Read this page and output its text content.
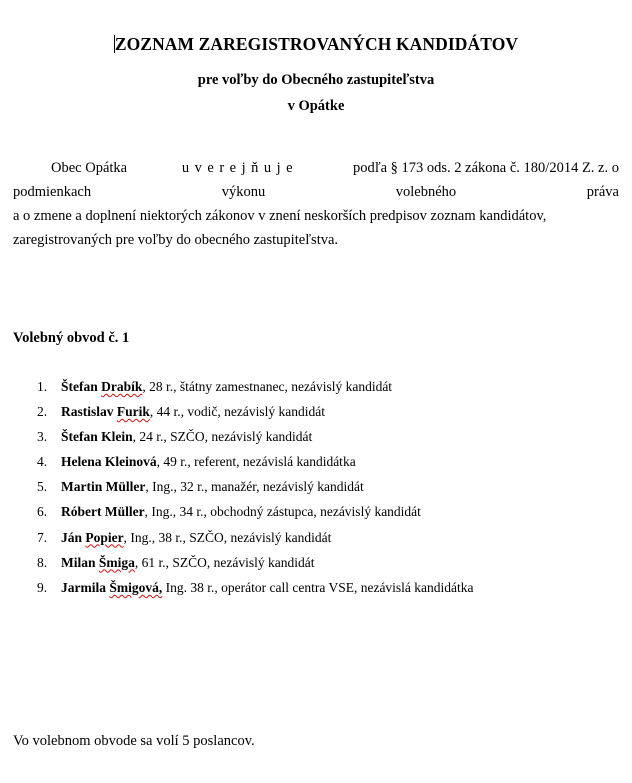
ZOZNAM ZAREGISTROVANÝCH KANDIDÁTOV
pre voľby do Obecného zastupiteľstva
v Opátke
Obec Opátka	uverejňuje	podľa § 173 ods. 2 zákona č. 180/2014 Z. z. o
podmienkach	výkonu	volebného	práva
a o zmene a doplnení niektorých zákonov v znení neskorších predpisov zoznam kandidátov,
zaregistrovaných pre voľby do obecného zastupiteľstva.
Volebný obvod č. 1
1.	Štefan Drabík, 28 r., štátny zamestnanec, nezávislý kandidát
2.	Rastislav Furik, 44 r., vodič, nezávislý kandidát
3.	Štefan Klein, 24 r., SZČO, nezávislý kandidát
4.	Helena Kleinová, 49 r., referent, nezávislá kandidátka
5.	Martin Müller, Ing., 32 r., manažér, nezávislý kandidát
6.	Róbert Müller, Ing., 34 r., obchodný zástupca, nezávislý kandidát
7.	Ján Popier, Ing., 38 r., SZČO, nezávislý kandidát
8.	Milan Šmiga, 61 r., SZČO, nezávislý kandidát
9.	Jarmila Šmigová, Ing. 38 r., operátor call centra VSE, nezávislá kandidátka
Vo volebnom obvode sa volí 5 poslancov.
